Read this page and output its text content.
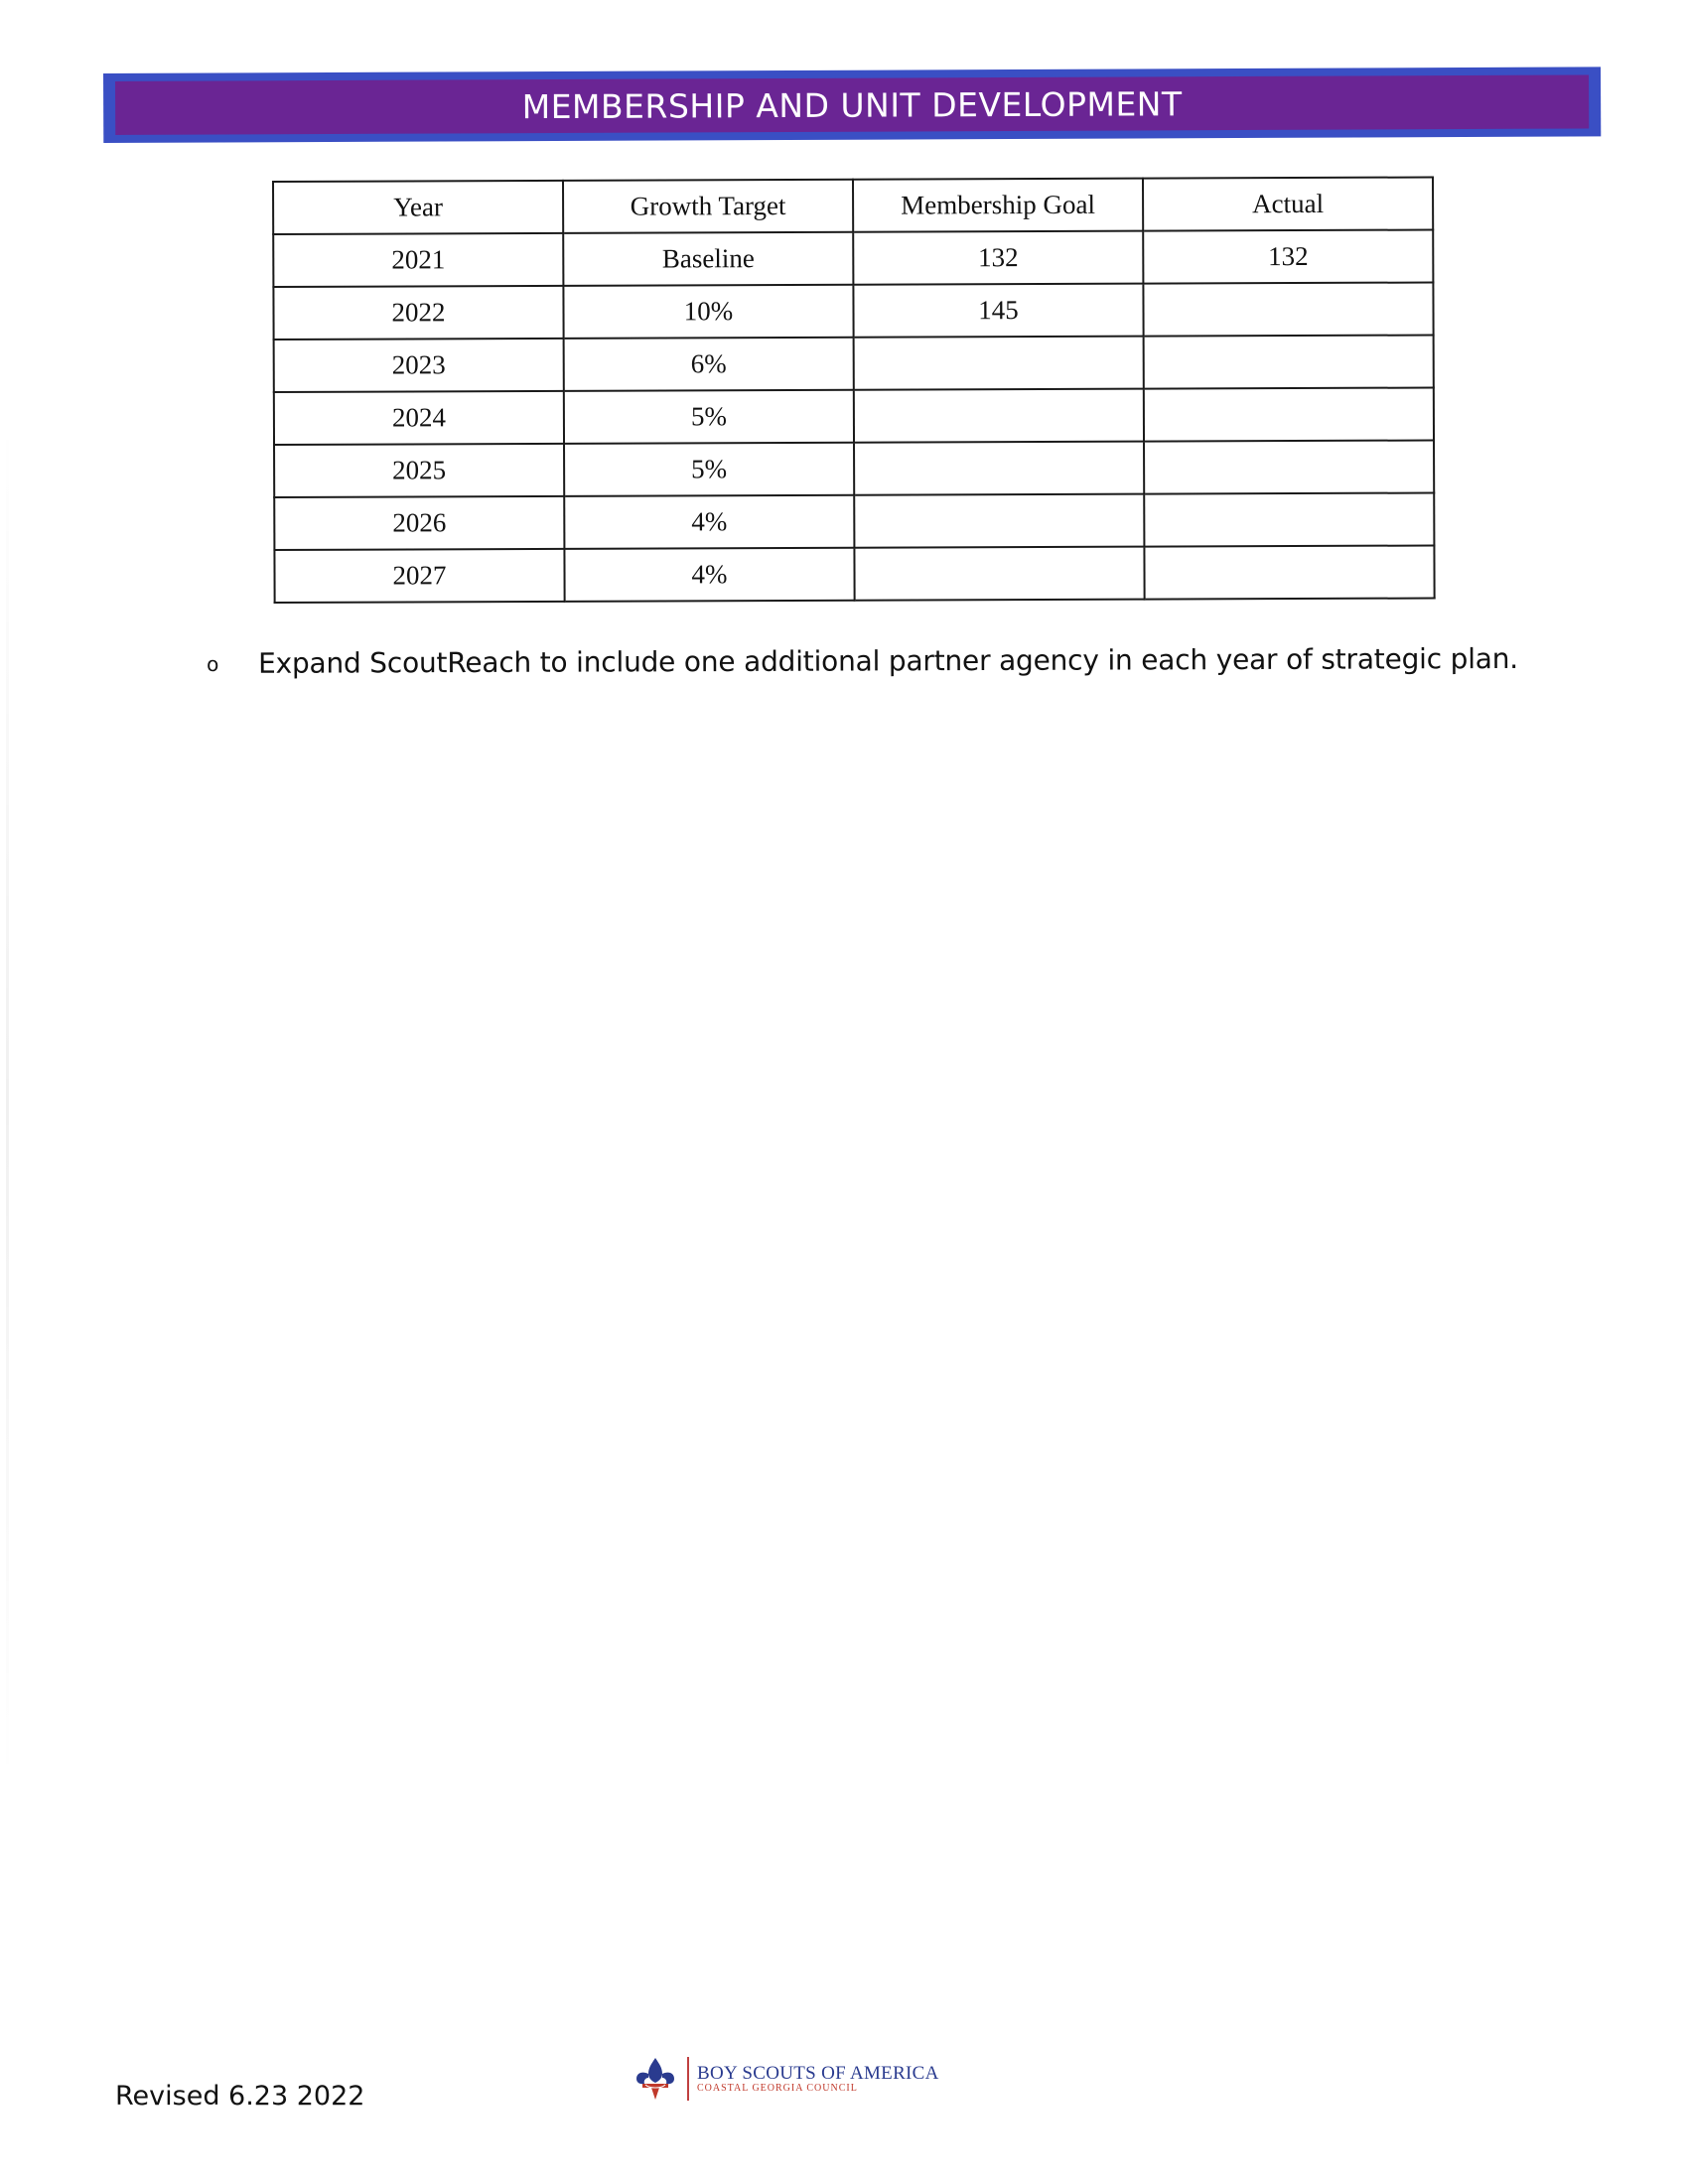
MEMBERSHIP AND UNIT DEVELOPMENT
Year	Growth Target	Membership Goal	Actual
2021	Baseline	132	132
2022	10%	145	
2023	6%		
2024	5%		
2025	5%		
2026	4%		
2027	4%		
o	Expand ScoutReach to include one additional partner agency in each year of strategic plan.
Revised 6.23 2022
BOY SCOUTS OF AMERICA
COASTAL GEORGIA COUNCIL
